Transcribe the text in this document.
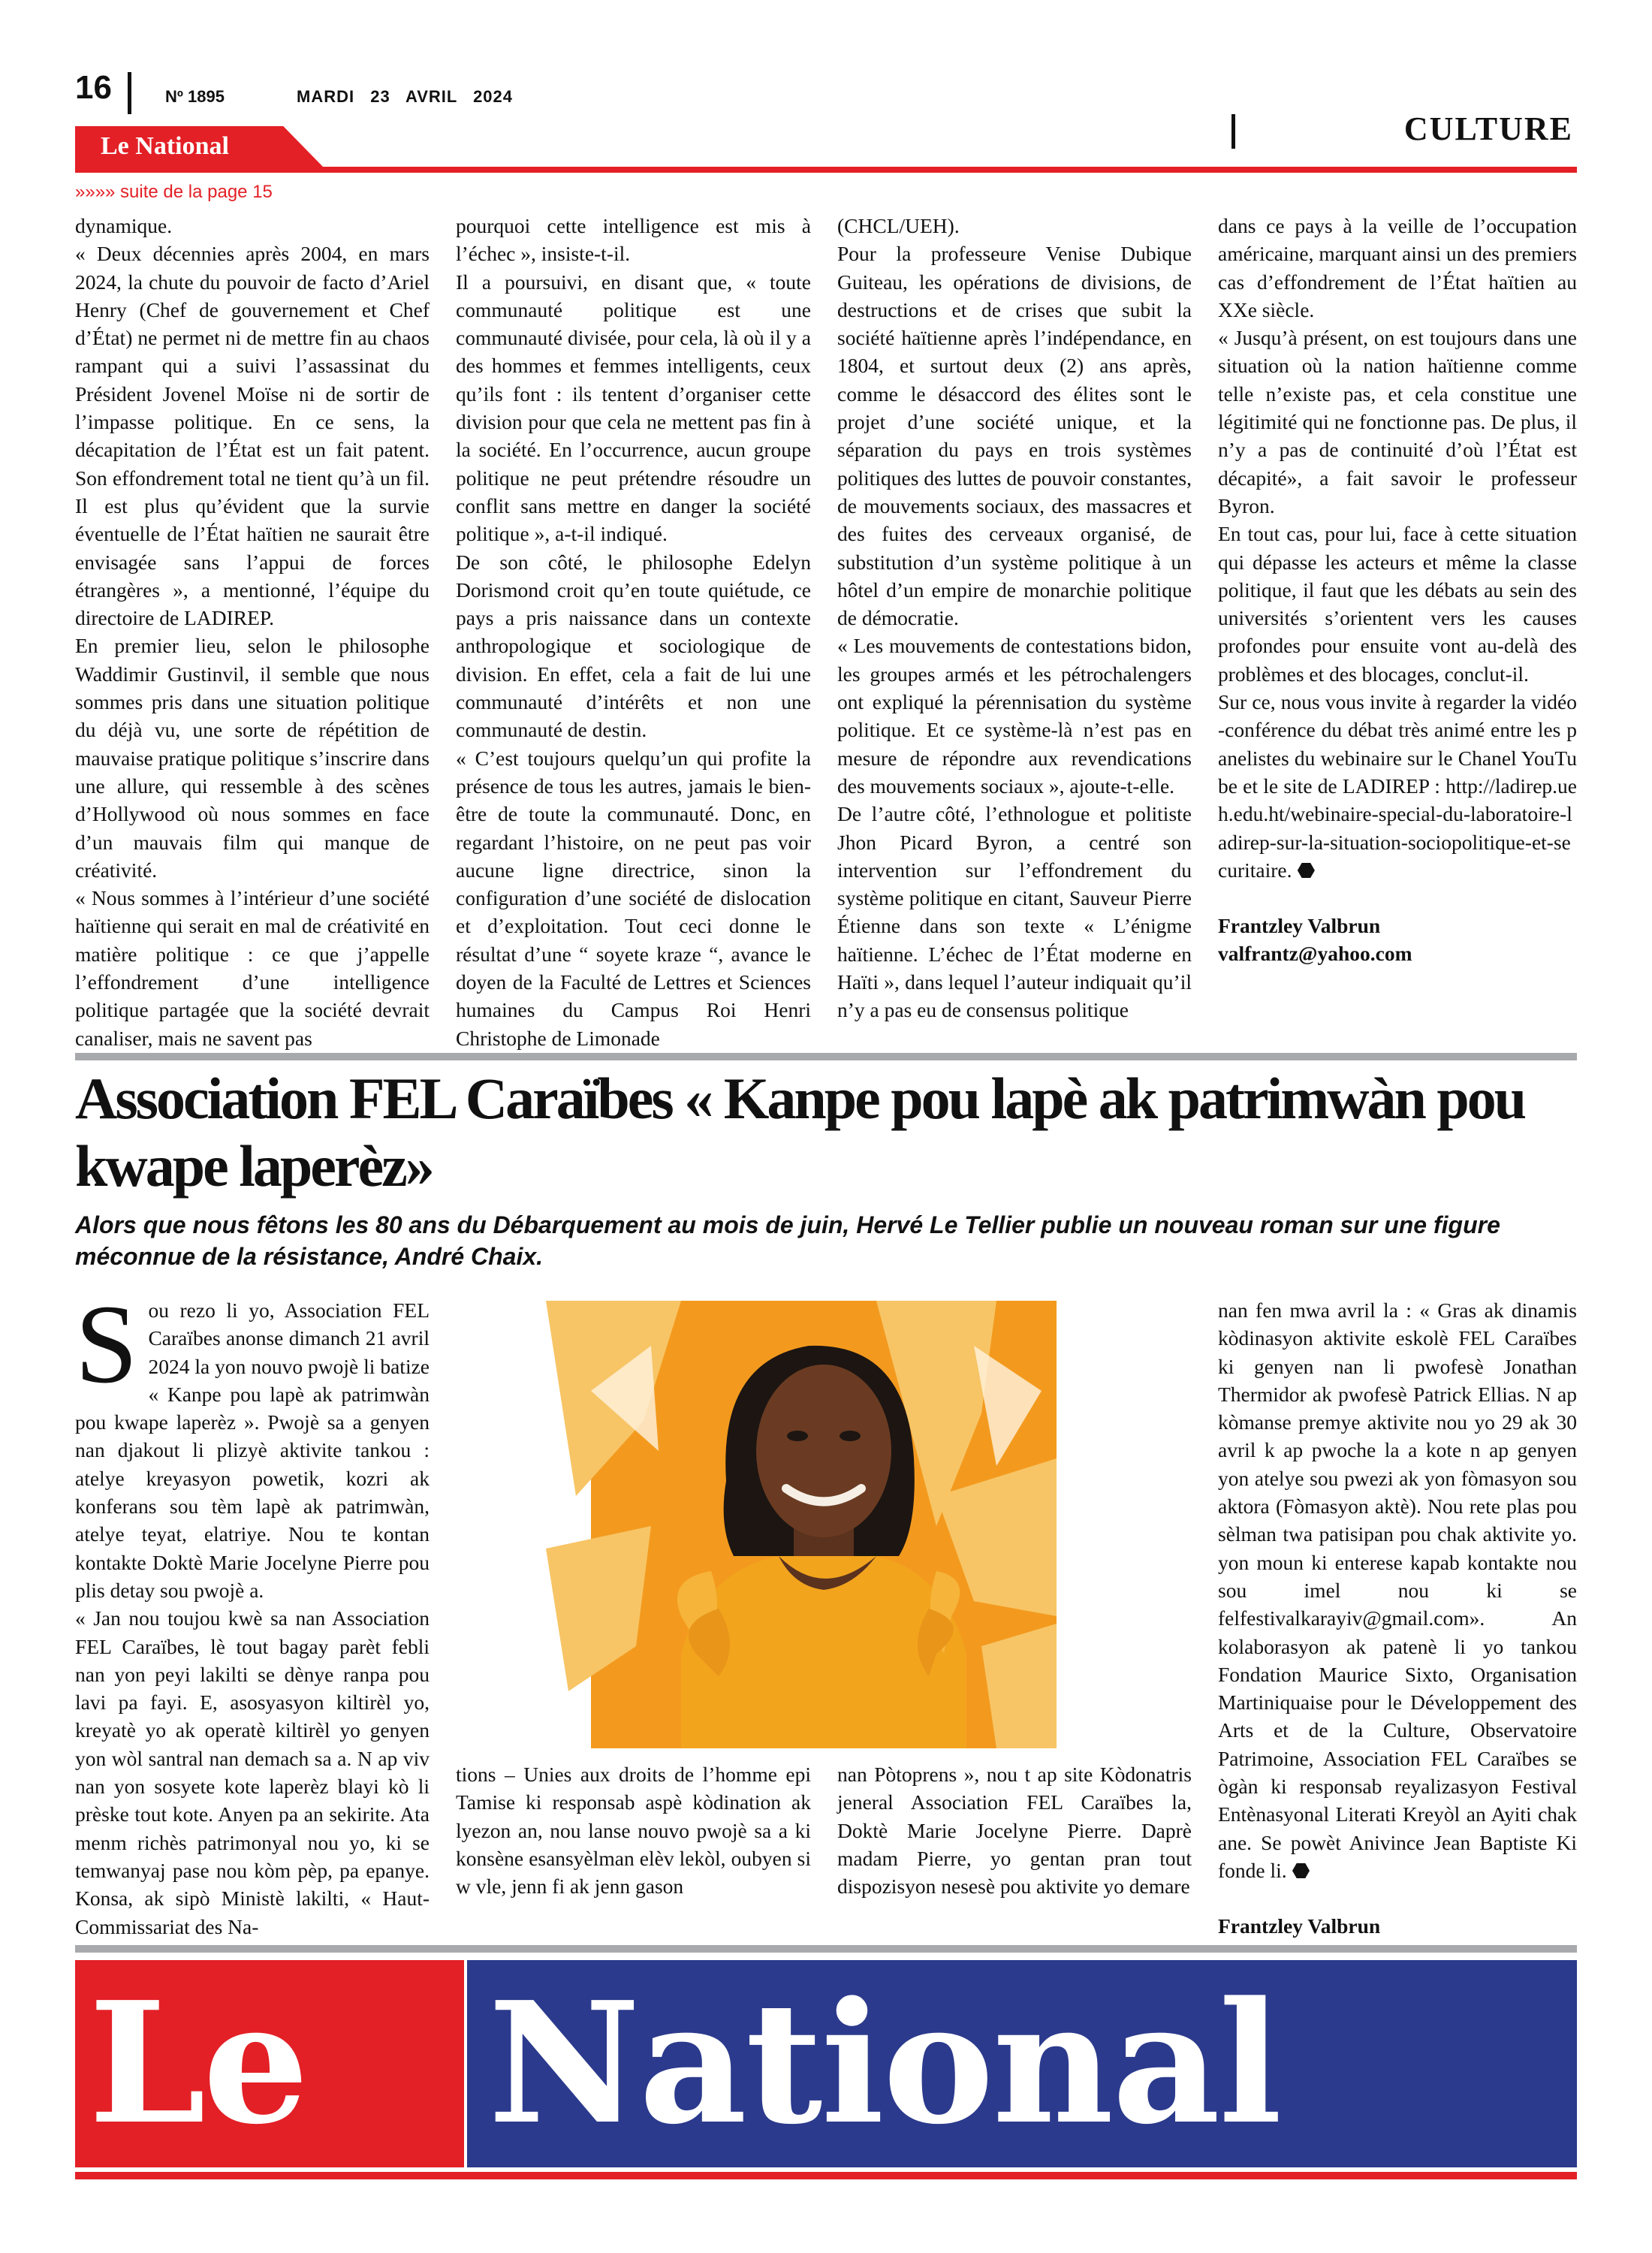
16	Nº 1895	MARDI 23 AVRIL 2024
CULTURE
Le National
»»»» suite de la page 15

dynamique.

« Deux décennies après 2004, en mars 2024, la chute du pouvoir de facto d’Ariel Henry (Chef de gouvernement et Chef d’État) ne permet ni de mettre fin au chaos rampant qui a suivi l’assassinat du Président Jovenel Moïse ni de sortir de l’impasse politique. En ce sens, la décapitation de l’État est un fait patent. Son effondrement total ne tient qu’à un fil. Il est plus qu’évident que la survie éventuelle de l’État haïtien ne saurait être envisagée sans l’appui de forces étrangères », a mentionné, l’équipe du directoire de LADIREP.

En premier lieu, selon le philosophe Waddimir Gustinvil, il semble que nous sommes pris dans une situation politique du déjà vu, une sorte de répétition de mauvaise pratique politique s’inscrire dans une allure, qui ressemble à des scènes d’Hollywood où nous sommes en face d’un mauvais film qui manque de créativité.

« Nous sommes à l’intérieur d’une société haïtienne qui serait en mal de créativité en matière politique : ce que j’appelle l’effondrement d’une intelligence politique partagée que la société devrait canaliser, mais ne savent pas

pourquoi cette intelligence est mis à l’échec », insiste-t-il.

Il a poursuivi, en disant que, « toute communauté politique est une communauté divisée, pour cela, là où il y a des hommes et femmes intelligents, ceux qu’ils font : ils tentent d’organiser cette division pour que cela ne mettent pas fin à la société. En l’occurrence, aucun groupe politique ne peut prétendre résoudre un conflit sans mettre en danger la société politique », a-t-il indiqué.

De son côté, le philosophe Edelyn Dorismond croit qu’en toute quiétude, ce pays a pris naissance dans un contexte anthropologique et sociologique de division. En effet, cela a fait de lui une communauté d’intérêts et non une communauté de destin.

« C’est toujours quelqu’un qui profite la présence de tous les autres, jamais le bien-être de toute la communauté. Donc, en regardant l’histoire, on ne peut pas voir aucune ligne directrice, sinon la configuration d’une société de dislocation et d’exploitation. Tout ceci donne le résultat d’une “ soyete kraze “, avance le doyen de la Faculté de Lettres et Sciences humaines du Campus Roi Henri Christophe de Limonade

(CHCL/UEH).

Pour la professeure Venise Dubique Guiteau, les opérations de divisions, de destructions et de crises que subit la société haïtienne après l’indépendance, en 1804, et surtout deux (2) ans après, comme le désaccord des élites sont le projet d’une société unique, et la séparation du pays en trois systèmes politiques des luttes de pouvoir constantes, de mouvements sociaux, des massacres et des fuites des cerveaux organisé, de substitution d’un système politique à un hôtel d’un empire de monarchie politique de démocratie.

« Les mouvements de contestations bidon, les groupes armés et les pétrochalengers ont expliqué la pérennisation du système politique. Et ce système-là n’est pas en mesure de répondre aux revendications des mouvements sociaux », ajoute-t-elle.

De l’autre côté, l’ethnologue et politiste Jhon Picard Byron, a centré son intervention sur l’effondrement du système politique en citant, Sauveur Pierre Étienne dans son texte « L’énigme haïtienne. L’échec de l’État moderne en Haïti », dans lequel l’auteur indiquait qu’il n’y a pas eu de consensus politique

dans ce pays à la veille de l’occupation américaine, marquant ainsi un des premiers cas d’effondrement de l’État haïtien au XXe siècle.

« Jusqu’à présent, on est toujours dans une situation où la nation haïtienne comme telle n’existe pas, et cela constitue une légitimité qui ne fonctionne pas. De plus, il n’y a pas de continuité d’où l’État est décapité», a fait savoir le professeur Byron.

En tout cas, pour lui, face à cette situation qui dépasse les acteurs et même la classe politique, il faut que les débats au sein des universités s’orientent vers les causes profondes pour ensuite vont au-delà des problèmes et des blocages, conclut-il.

Sur ce, nous vous invite à regarder la vidéo-conférence du débat très animé entre les panelistes du webinaire sur le Chanel YouTube et le site de LADIREP : http://ladirep.ueh.edu.ht/webinaire-special-du-laboratoire-ladirep-sur-la-situation-sociopolitique-et-securitaire. ⬣

Frantzley Valbrun

valfrantz@yahoo.com

Association FEL Caraïbes « Kanpe pou lapè ak patrimwàn pou kwape laperèz»
Alors que nous fêtons les 80 ans du Débarquement au mois de juin, Hervé Le Tellier publie un nouveau roman sur une figure méconnue de la résistance, André Chaix.

Sou rezo li yo, Association FEL Caraïbes anonse dimanch 21 avril 2024 la yon nouvo pwojè li batize « Kanpe pou lapè ak patrimwàn pou kwape laperèz ». Pwojè sa a genyen nan djakout li plizyè aktivite tankou : atelye kreyasyon powetik, kozri ak konferans sou tèm lapè ak patrimwàn, atelye teyat, elatriye. Nou te kontan kontakte Doktè Marie Jocelyne Pierre pou plis detay sou pwojè a.

« Jan nou toujou kwè sa nan Association FEL Caraïbes, lè tout bagay parèt febli nan yon peyi lakilti se dènye ranpa pou lavi pa fayi. E, asosyasyon kiltirèl yo, kreyatè yo ak operatè kiltirèl yo genyen yon wòl santral nan demach sa a. N ap viv nan yon sosyete kote laperèz blayi kò li prèske tout kote. Anyen pa an sekirite. Ata menm richès patrimonyal nou yo, ki se temwanyaj pase nou kòm pèp, pa epanye. Konsa, ak sipò Ministè lakilti, « Haut-Commissariat des Na-

tions – Unies aux droits de l’homme epi Tamise ki responsab aspè kòdination ak lyezon an, nou lanse nouvo pwojè sa a ki konsène esansyèlman elèv lekòl, oubyen si w vle, jenn fi ak jenn gason

nan Pòtoprens », nou t ap site Kòdonatris jeneral Association FEL Caraïbes la, Doktè Marie Jocelyne Pierre. Daprè madam Pierre, yo gentan pran tout dispozisyon nesesè pou aktivite yo demare

nan fen mwa avril la : « Gras ak dinamis kòdinasyon aktivite eskolè FEL Caraïbes ki genyen nan li pwofesè Jonathan Thermidor ak pwofesè Patrick Ellias. N ap kòmanse premye aktivite nou yo 29 ak 30 avril k ap pwoche la a kote n ap genyen yon atelye sou pwezi ak yon fòmasyon sou aktora (Fòmasyon aktè). Nou rete plas pou sèlman twa patisipan pou chak aktivite yo. yon moun ki enterese kapab kontakte nou sou imel nou ki se felfestivalkarayiv@gmail.com». An kolaborasyon ak patenè li yo tankou Fondation Maurice Sixto, Organisation Martiniquaise pour le Développement des Arts et de la Culture, Observatoire Patrimoine, Association FEL Caraïbes se ògàn ki responsab reyalizasyon Festival Entènasyonal Literati Kreyòl an Ayiti chak ane. Se powèt Anivince Jean Baptiste Ki fonde li. ⬣

Frantzley Valbrun

Le National
